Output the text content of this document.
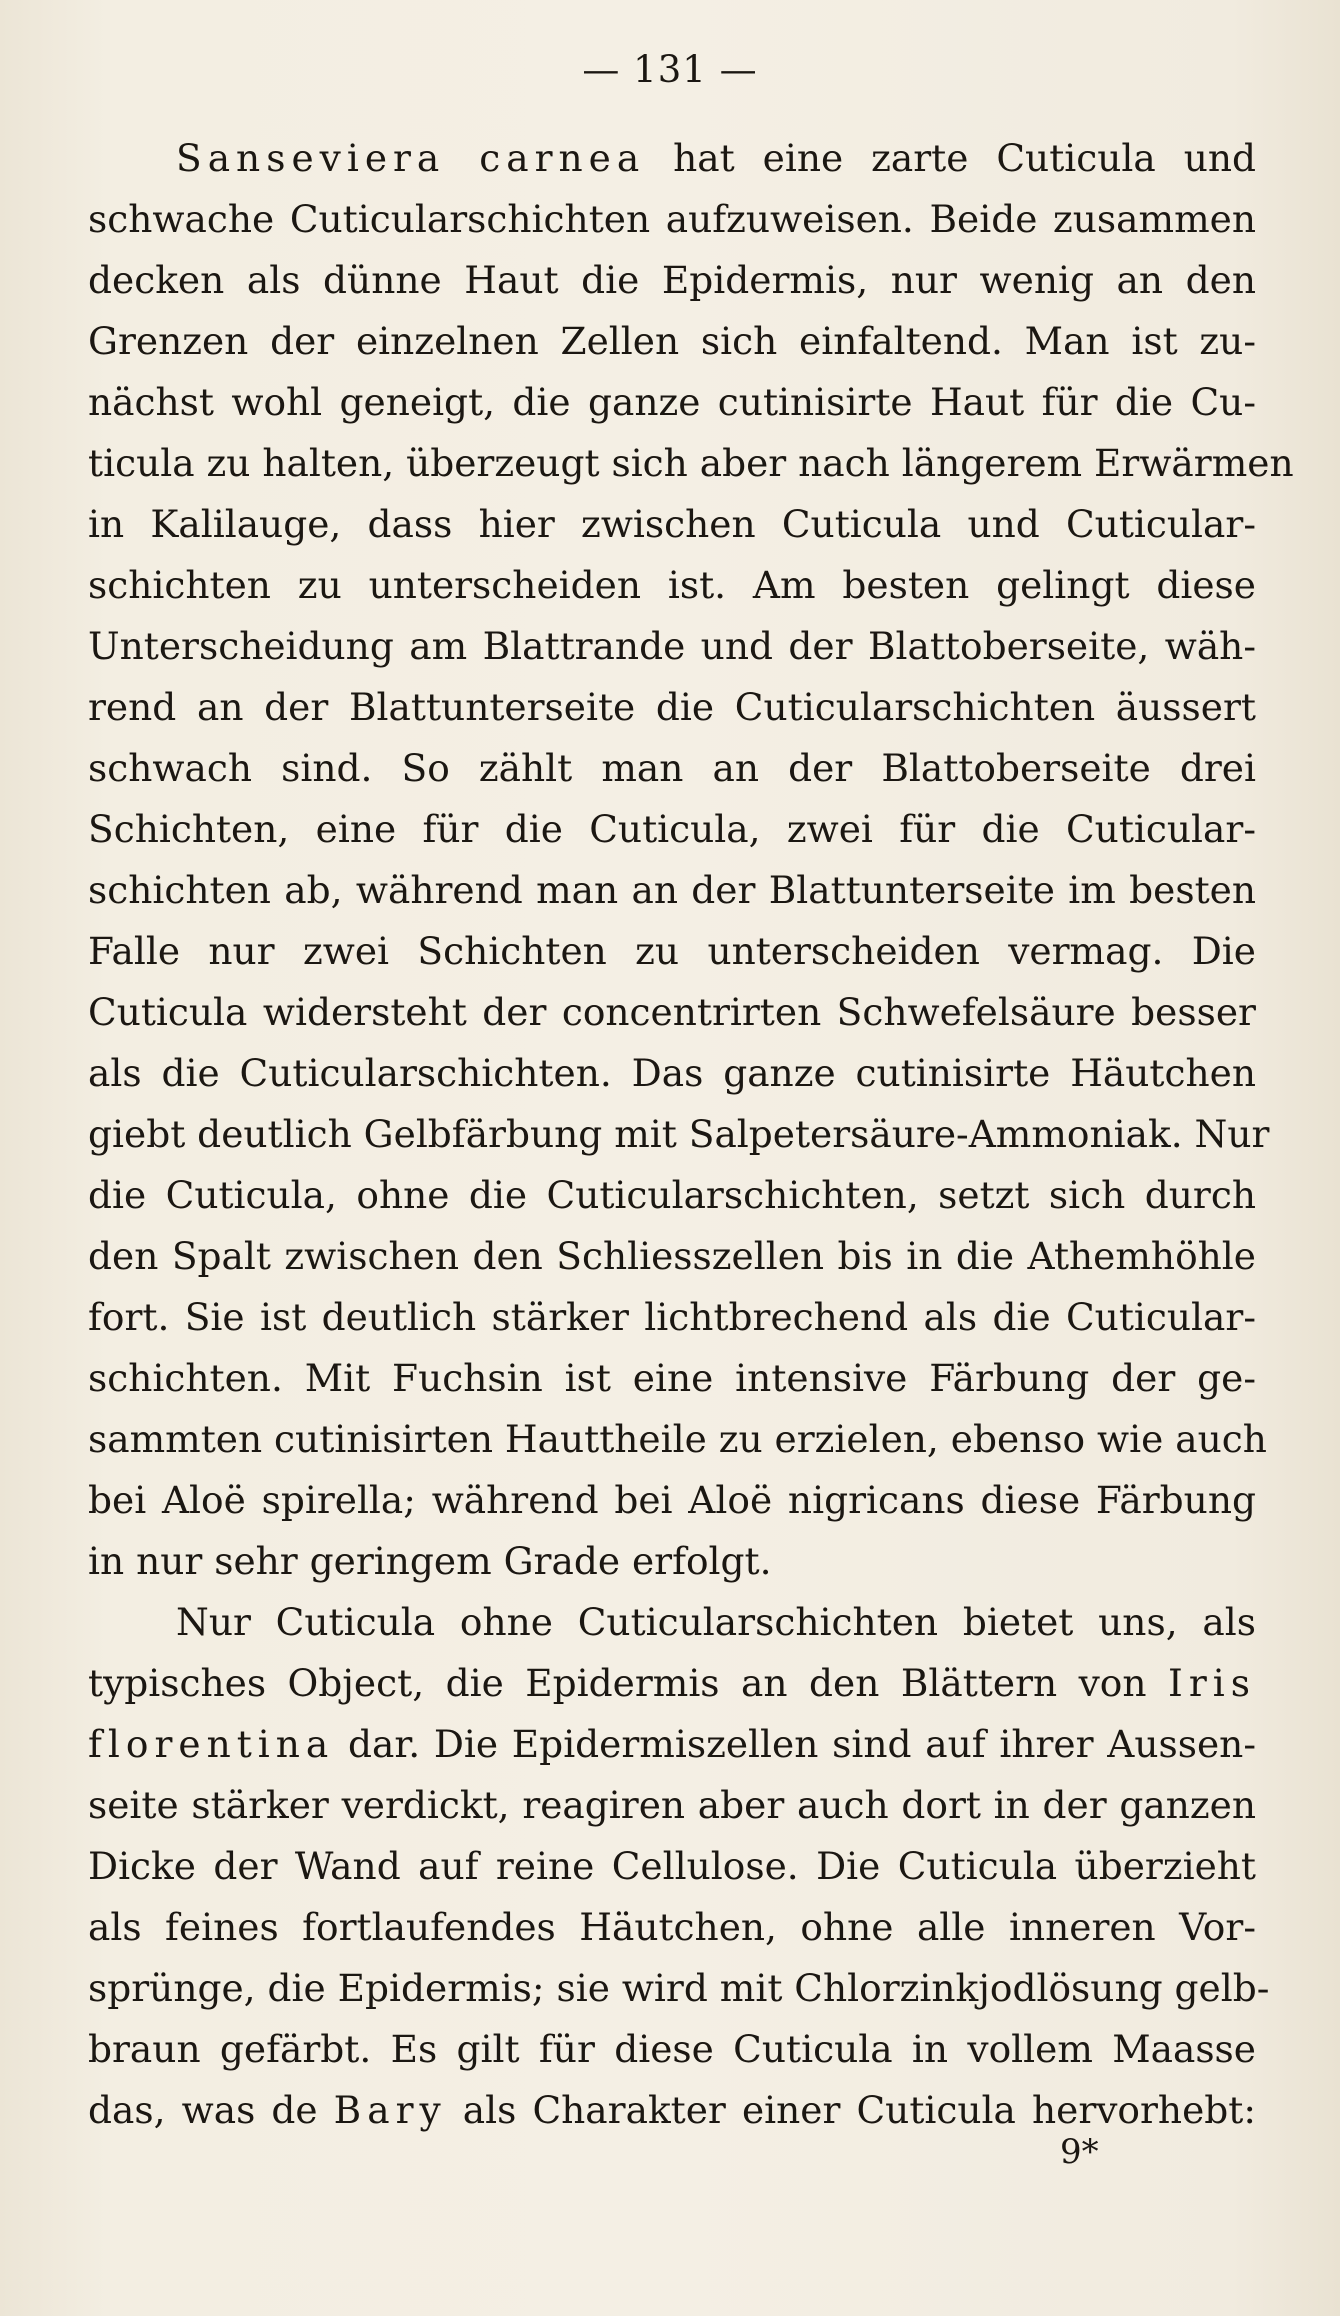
— 131 —
Sanseviera carnea hat eine zarte Cuticula und
schwache Cuticularschichten aufzuweisen. Beide zusammen
decken als dünne Haut die Epidermis, nur wenig an den
Grenzen der einzelnen Zellen sich einfaltend. Man ist zu-
nächst wohl geneigt, die ganze cutinisirte Haut für die Cu-
ticula zu halten, überzeugt sich aber nach längerem Erwärmen
in Kalilauge, dass hier zwischen Cuticula und Cuticular-
schichten zu unterscheiden ist. Am besten gelingt diese
Unterscheidung am Blattrande und der Blattoberseite, wäh-
rend an der Blattunterseite die Cuticularschichten äussert
schwach sind. So zählt man an der Blattoberseite drei
Schichten, eine für die Cuticula, zwei für die Cuticular-
schichten ab, während man an der Blattunterseite im besten
Falle nur zwei Schichten zu unterscheiden vermag. Die
Cuticula widersteht der concentrirten Schwefelsäure besser
als die Cuticularschichten. Das ganze cutinisirte Häutchen
giebt deutlich Gelbfärbung mit Salpetersäure-Ammoniak. Nur
die Cuticula, ohne die Cuticularschichten, setzt sich durch
den Spalt zwischen den Schliesszellen bis in die Athemhöhle
fort. Sie ist deutlich stärker lichtbrechend als die Cuticular-
schichten. Mit Fuchsin ist eine intensive Färbung der ge-
sammten cutinisirten Hauttheile zu erzielen, ebenso wie auch
bei Aloë spirella; während bei Aloë nigricans diese Färbung
in nur sehr geringem Grade erfolgt.
Nur Cuticula ohne Cuticularschichten bietet uns, als
typisches Object, die Epidermis an den Blättern von Iris
florentina dar. Die Epidermiszellen sind auf ihrer Aussen-
seite stärker verdickt, reagiren aber auch dort in der ganzen
Dicke der Wand auf reine Cellulose. Die Cuticula überzieht
als feines fortlaufendes Häutchen, ohne alle inneren Vor-
sprünge, die Epidermis; sie wird mit Chlorzinkjodlösung gelb-
braun gefärbt. Es gilt für diese Cuticula in vollem Maasse
das, was de Bary als Charakter einer Cuticula hervorhebt:
9*
